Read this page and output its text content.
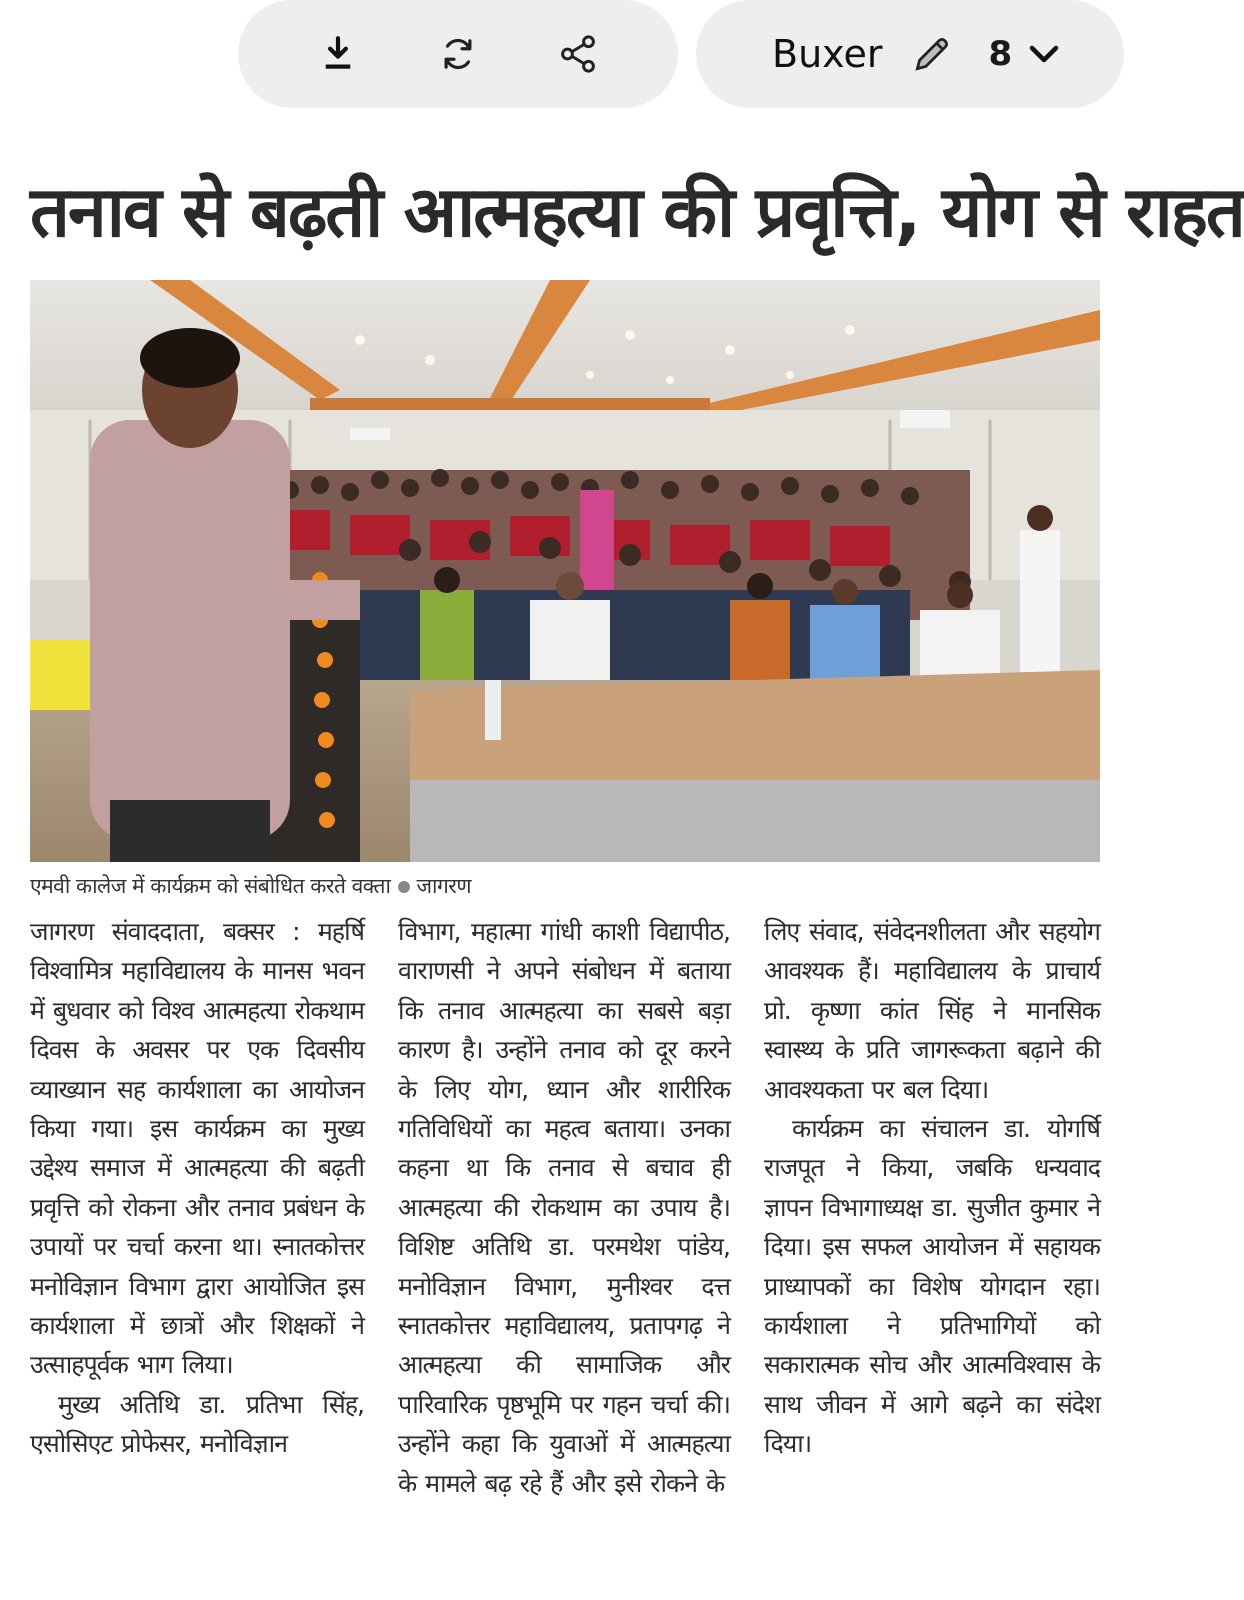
Buxer	8
तनाव से बढ़ती आत्महत्या की प्रवृत्ति, योग से राहत
एमवी कालेज में कार्यक्रम को संबोधित करते वक्ता जागरण

जागरण संवाददाता, बक्सर : महर्षि विश्वामित्र महाविद्यालय के मानस भवन में बुधवार को विश्व आत्महत्या रोकथाम दिवस के अवसर पर एक दिवसीय व्याख्यान सह कार्यशाला का आयोजन किया गया। इस कार्यक्रम का मुख्य उद्देश्य समाज में आत्महत्या की बढ़ती प्रवृत्ति को रोकना और तनाव प्रबंधन के उपायों पर चर्चा करना था। स्नातकोत्तर मनोविज्ञान विभाग द्वारा आयोजित इस कार्यशाला में छात्रों और शिक्षकों ने उत्साहपूर्वक भाग लिया।

मुख्य अतिथि डा. प्रतिभा सिंह, एसोसिएट प्रोफेसर, मनोविज्ञान

विभाग, महात्मा गांधी काशी विद्यापीठ, वाराणसी ने अपने संबोधन में बताया कि तनाव आत्महत्या का सबसे बड़ा कारण है। उन्होंने तनाव को दूर करने के लिए योग, ध्यान और शारीरिक गतिविधियों का महत्व बताया। उनका कहना था कि तनाव से बचाव ही आत्महत्या की रोकथाम का उपाय है। विशिष्ट अतिथि डा. परमथेश पांडेय, मनोविज्ञान विभाग, मुनीश्वर दत्त स्नातकोत्तर महाविद्यालय, प्रतापगढ़ ने आत्महत्या की सामाजिक और पारिवारिक पृष्ठभूमि पर गहन चर्चा की। उन्होंने कहा कि युवाओं में आत्महत्या के मामले बढ़ रहे हैं और इसे रोकने के

लिए संवाद, संवेदनशीलता और सहयोग आवश्यक हैं। महाविद्यालय के प्राचार्य प्रो. कृष्णा कांत सिंह ने मानसिक स्वास्थ्य के प्रति जागरूकता बढ़ाने की आवश्यकता पर बल दिया।

कार्यक्रम का संचालन डा. योगर्षि राजपूत ने किया, जबकि धन्यवाद ज्ञापन विभागाध्यक्ष डा. सुजीत कुमार ने दिया। इस सफल आयोजन में सहायक प्राध्यापकों का विशेष योगदान रहा। कार्यशाला ने प्रतिभागियों को सकारात्मक सोच और आत्मविश्वास के साथ जीवन में आगे बढ़ने का संदेश दिया।
